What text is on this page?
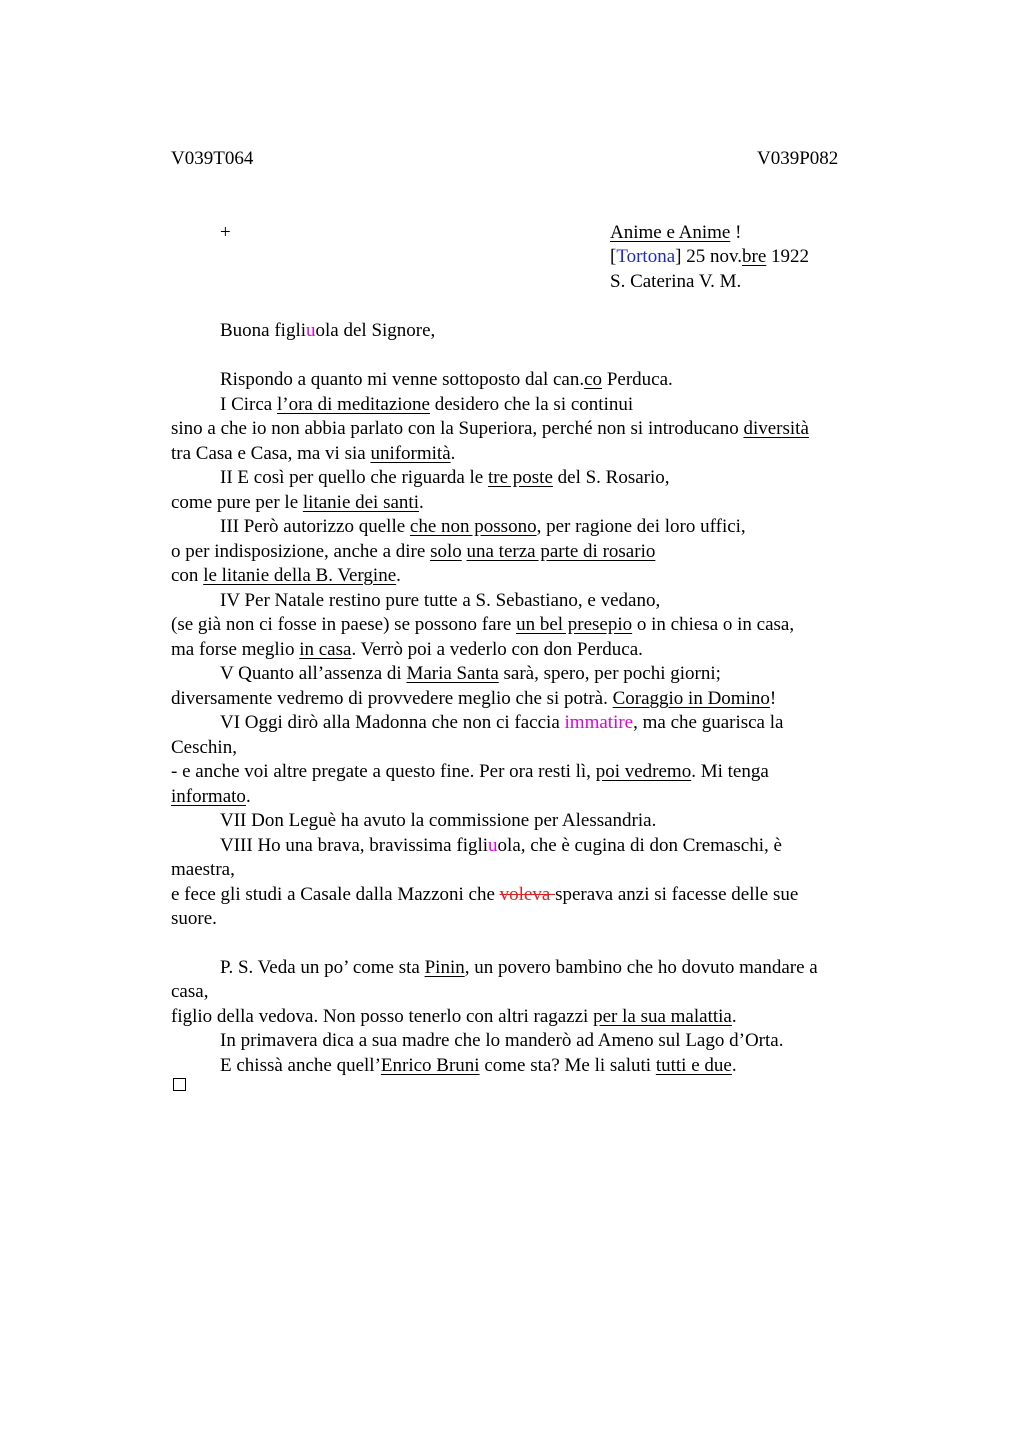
V039T064	V039P082
+	Anime e Anime !
[Tortona] 25 nov.bre 1922
S. Caterina V. M.
Buona figliuola del Signore,
Rispondo a quanto mi venne sottoposto dal can.co Perduca.
I Circa l’ora di meditazione desidero che la si continui
sino a che io non abbia parlato con la Superiora, perché non si introducano diversità
tra Casa e Casa, ma vi sia uniformità.
II E così per quello che riguarda le tre poste del S. Rosario,
come pure per le litanie dei santi.
III Però autorizzo quelle che non possono, per ragione dei loro uffici,
o per indisposizione, anche a dire solo una terza parte di rosario
con le litanie della B. Vergine.
IV Per Natale restino pure tutte a S. Sebastiano, e vedano,
(se già non ci fosse in paese) se possono fare un bel presepio o in chiesa o in casa,
ma forse meglio in casa. Verrò poi a vederlo con don Perduca.
V Quanto all’assenza di Maria Santa sarà, spero, per pochi giorni;
diversamente vedremo di provvedere meglio che si potrà. Coraggio in Domino!
VI Oggi dirò alla Madonna che non ci faccia immatire, ma che guarisca la
Ceschin,
- e anche voi altre pregate a questo fine. Per ora resti lì, poi vedremo. Mi tenga
informato.
VII Don Leguè ha avuto la commissione per Alessandria.
VIII Ho una brava, bravissima figliuola, che è cugina di don Cremaschi, è
maestra,
e fece gli studi a Casale dalla Mazzoni che voleva sperava anzi si facesse delle sue
suore.
P. S. Veda un po’ come sta Pinin, un povero bambino che ho dovuto mandare a
casa,
figlio della vedova. Non posso tenerlo con altri ragazzi per la sua malattia.
In primavera dica a sua madre che lo manderò ad Ameno sul Lago d’Orta.
E chissà anche quell’Enrico Bruni come sta? Me li saluti tutti e due.
